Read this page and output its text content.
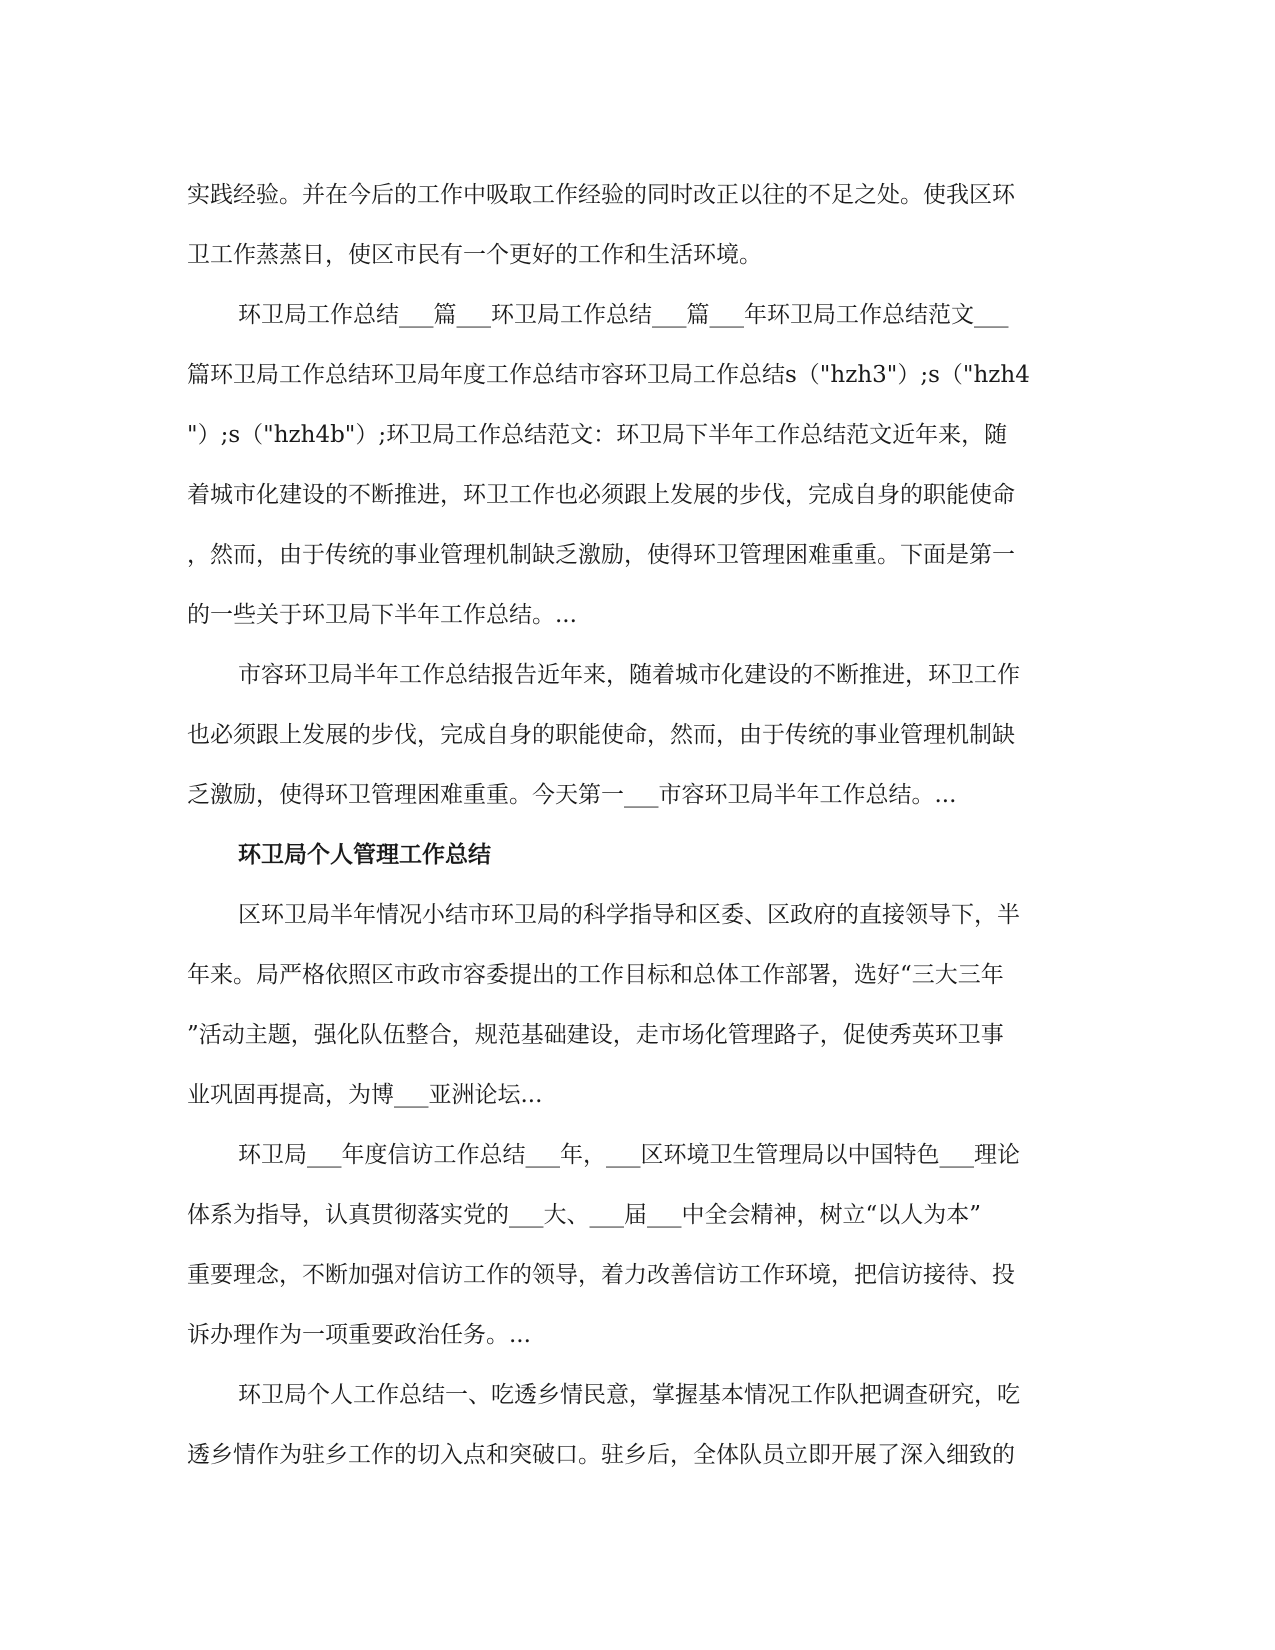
实践经验。并在今后的工作中吸取工作经验的同时改正以往的不足之处。使我区环
卫工作蒸蒸日，使区市民有一个更好的工作和生活环境。
环卫局工作总结___篇___环卫局工作总结___篇___年环卫局工作总结范文___
篇环卫局工作总结环卫局年度工作总结市容环卫局工作总结s（"hzh3"）;s（"hzh4
"）;s（"hzh4b"）;环卫局工作总结范文：环卫局下半年工作总结范文近年来，随
着城市化建设的不断推进，环卫工作也必须跟上发展的步伐，完成自身的职能使命
，然而，由于传统的事业管理机制缺乏激励，使得环卫管理困难重重。下面是第一
的一些关于环卫局下半年工作总结。...
市容环卫局半年工作总结报告近年来，随着城市化建设的不断推进，环卫工作
也必须跟上发展的步伐，完成自身的职能使命，然而，由于传统的事业管理机制缺
乏激励，使得环卫管理困难重重。今天第一___市容环卫局半年工作总结。...
环卫局个人管理工作总结
区环卫局半年情况小结市环卫局的科学指导和区委、区政府的直接领导下，半
年来。局严格依照区市政市容委提出的工作目标和总体工作部署，选好“三大三年
”活动主题，强化队伍整合，规范基础建设，走市场化管理路子，促使秀英环卫事
业巩固再提高，为博___亚洲论坛...
环卫局___年度信访工作总结___年，___区环境卫生管理局以中国特色___理论
体系为指导，认真贯彻落实党的___大、___届___中全会精神，树立“以人为本”
重要理念，不断加强对信访工作的领导，着力改善信访工作环境，把信访接待、投
诉办理作为一项重要政治任务。...
环卫局个人工作总结一、吃透乡情民意，掌握基本情况工作队把调查研究，吃
透乡情作为驻乡工作的切入点和突破口。驻乡后，全体队员立即开展了深入细致的
